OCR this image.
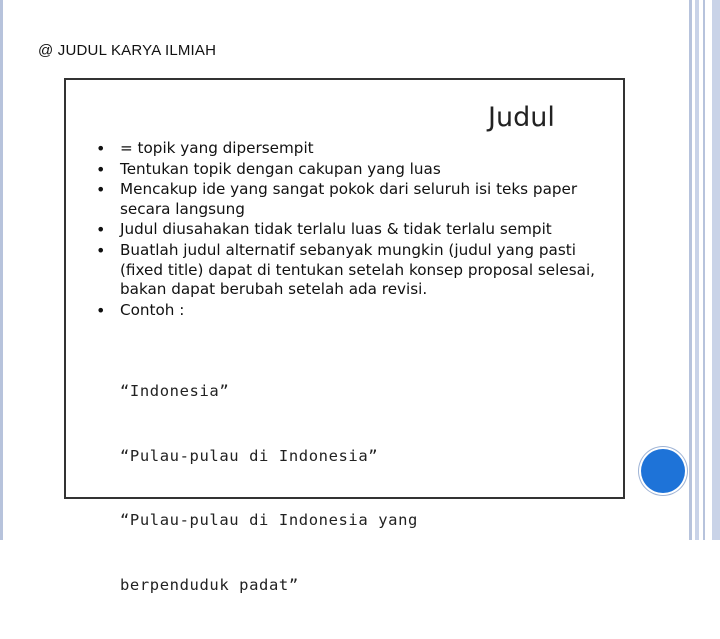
@ JUDUL KARYA ILMIAH
Judul
• = topik yang dipersempit
• Tentukan topik dengan cakupan yang luas
• Mencakup ide yang sangat pokok dari seluruh isi teks paper secara langsung
• Judul diusahakan tidak terlalu luas & tidak terlalu sempit
• Buatlah judul alternatif sebanyak mungkin (judul yang pasti (fixed title) dapat di tentukan setelah konsep proposal selesai, bakan dapat berubah setelah ada revisi.
• Contoh :

“Indonesia”

“Pulau-pulau di Indonesia”

“Pulau-pulau di Indonesia yang

berpenduduk padat”
